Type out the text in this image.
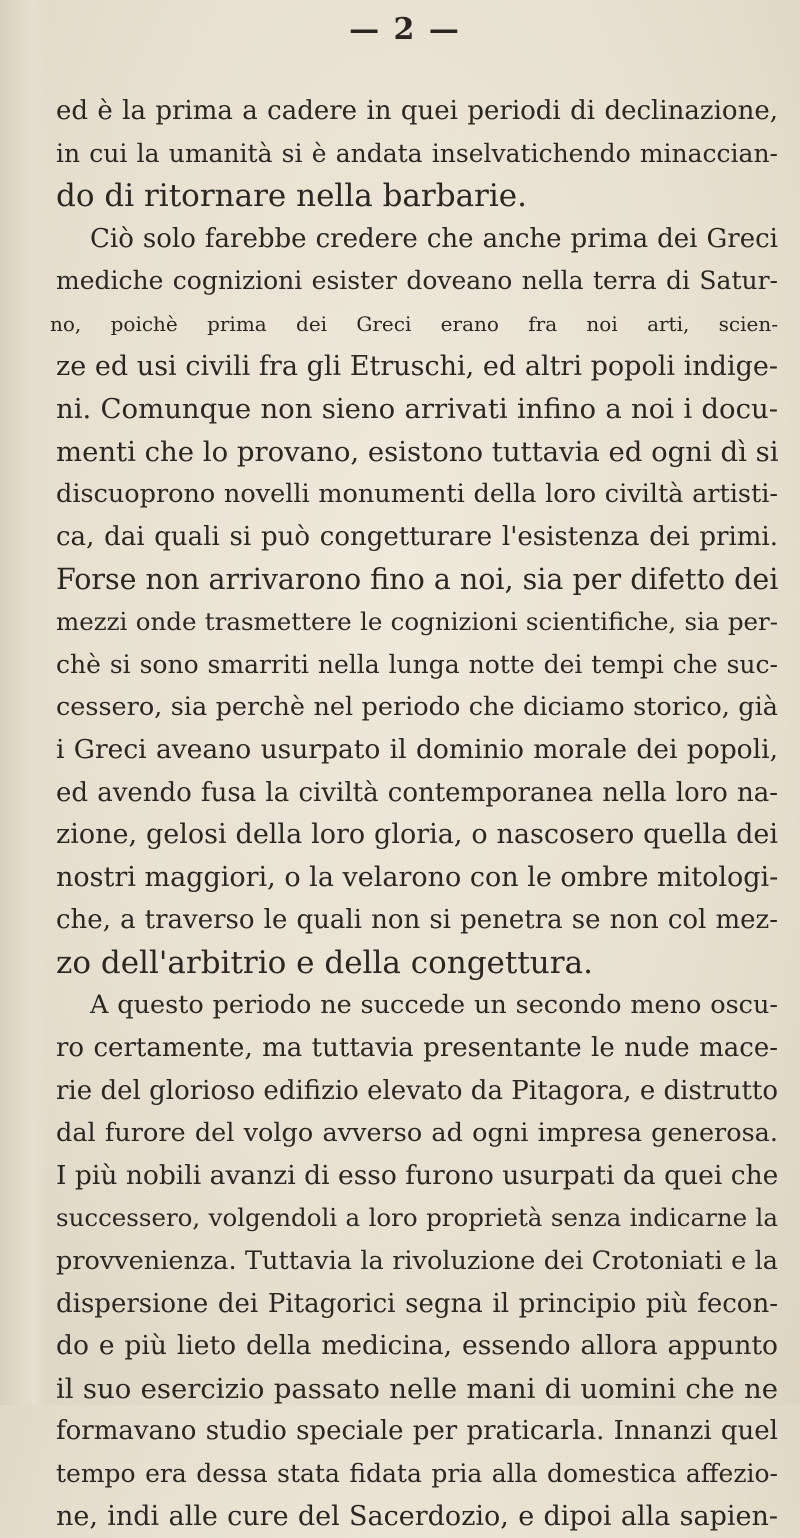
— 2 —
ed è la prima a cadere in quei periodi di declinazione,
in cui la umanità si è andata inselvatichendo minaccian-
do di ritornare nella barbarie.
Ciò solo farebbe credere che anche prima dei Greci
mediche cognizioni esister doveano nella terra di Satur-
no, poichè prima dei Greci erano fra noi arti, scien-
ze ed usi civili fra gli Etruschi, ed altri popoli indige-
ni. Comunque non sieno arrivati infino a noi i docu-
menti che lo provano, esistono tuttavia ed ogni dì si
discuoprono novelli monumenti della loro civiltà artisti-
ca, dai quali si può congetturare l'esistenza dei primi.
Forse non arrivarono fino a noi, sia per difetto dei
mezzi onde trasmettere le cognizioni scientifiche, sia per-
chè si sono smarriti nella lunga notte dei tempi che suc-
cessero, sia perchè nel periodo che diciamo storico, già
i Greci aveano usurpato il dominio morale dei popoli,
ed avendo fusa la civiltà contemporanea nella loro na-
zione, gelosi della loro gloria, o nascosero quella dei
nostri maggiori, o la velarono con le ombre mitologi-
che, a traverso le quali non si penetra se non col mez-
zo dell'arbitrio e della congettura.
A questo periodo ne succede un secondo meno oscu-
ro certamente, ma tuttavia presentante le nude mace-
rie del glorioso edifizio elevato da Pitagora, e distrutto
dal furore del volgo avverso ad ogni impresa generosa.
I più nobili avanzi di esso furono usurpati da quei che
successero, volgendoli a loro proprietà senza indicarne la
provvenienza. Tuttavia la rivoluzione dei Crotoniati e la
dispersione dei Pitagorici segna il principio più fecon-
do e più lieto della medicina, essendo allora appunto
il suo esercizio passato nelle mani di uomini che ne
formavano studio speciale per praticarla. Innanzi quel
tempo era dessa stata fidata pria alla domestica affezio-
ne, indi alle cure del Sacerdozio, e dipoi alla sapien-
